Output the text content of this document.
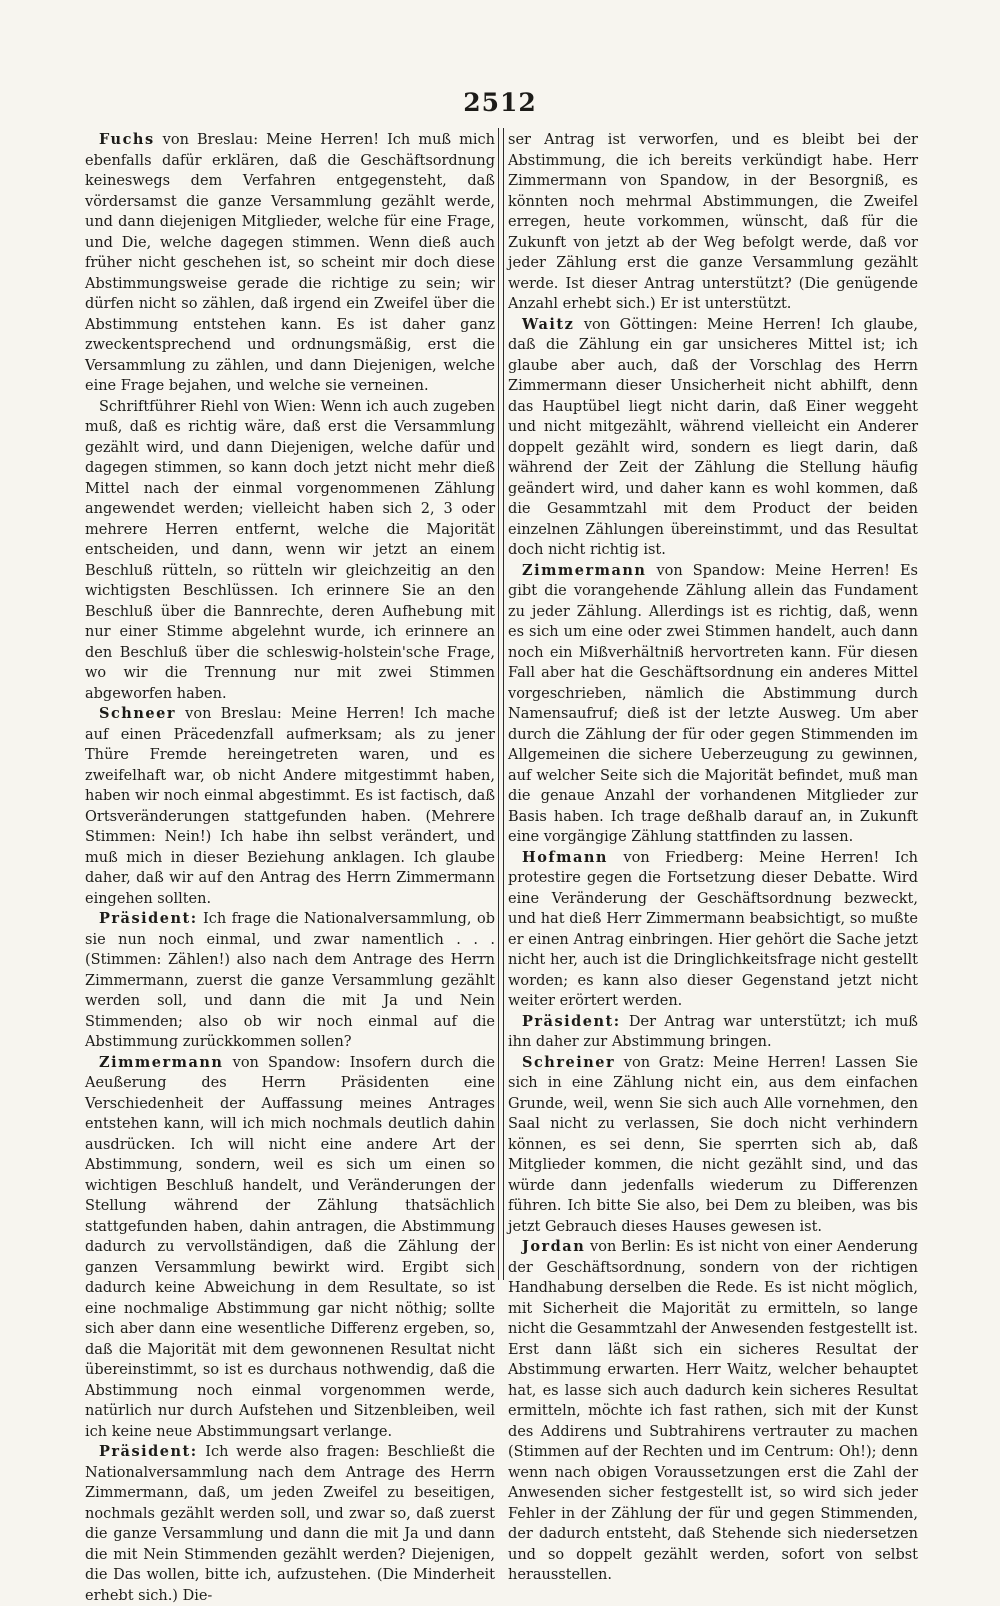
2512

Fuchs von Breslau: Meine Herren! Ich muß mich ebenfalls dafür erklären, daß die Geschäftsordnung keineswegs dem Verfahren entgegensteht, daß vördersamst die ganze Versammlung gezählt werde, und dann diejenigen Mitglieder, welche für eine Frage, und Die, welche dagegen stimmen. Wenn dieß auch früher nicht geschehen ist, so scheint mir doch diese Abstimmungsweise gerade die richtige zu sein; wir dürfen nicht so zählen, daß irgend ein Zweifel über die Abstimmung entstehen kann. Es ist daher ganz zweckentsprechend und ordnungsmäßig, erst die Versammlung zu zählen, und dann Diejenigen, welche eine Frage bejahen, und welche sie verneinen.

Schriftführer Riehl von Wien: Wenn ich auch zugeben muß, daß es richtig wäre, daß erst die Versammlung gezählt wird, und dann Diejenigen, welche dafür und dagegen stimmen, so kann doch jetzt nicht mehr dieß Mittel nach der einmal vorgenommenen Zählung angewendet werden; vielleicht haben sich 2, 3 oder mehrere Herren entfernt, welche die Majorität entscheiden, und dann, wenn wir jetzt an einem Beschluß rütteln, so rütteln wir gleichzeitig an den wichtigsten Beschlüssen. Ich erinnere Sie an den Beschluß über die Bannrechte, deren Aufhebung mit nur einer Stimme abgelehnt wurde, ich erinnere an den Beschluß über die schleswig-holstein'sche Frage, wo wir die Trennung nur mit zwei Stimmen abgeworfen haben.

Schneer von Breslau: Meine Herren! Ich mache auf einen Präcedenzfall aufmerksam; als zu jener Thüre Fremde hereingetreten waren, und es zweifelhaft war, ob nicht Andere mitgestimmt haben, haben wir noch einmal abgestimmt. Es ist factisch, daß Ortsveränderungen stattgefunden haben. (Mehrere Stimmen: Nein!) Ich habe ihn selbst verändert, und muß mich in dieser Beziehung anklagen. Ich glaube daher, daß wir auf den Antrag des Herrn Zimmermann eingehen sollten.

Präsident: Ich frage die Nationalversammlung, ob sie nun noch einmal, und zwar namentlich . . . (Stimmen: Zählen!) also nach dem Antrage des Herrn Zimmermann, zuerst die ganze Versammlung gezählt werden soll, und dann die mit Ja und Nein Stimmenden; also ob wir noch einmal auf die Abstimmung zurückkommen sollen?

Zimmermann von Spandow: Insofern durch die Aeußerung des Herrn Präsidenten eine Verschiedenheit der Auffassung meines Antrages entstehen kann, will ich mich nochmals deutlich dahin ausdrücken. Ich will nicht eine andere Art der Abstimmung, sondern, weil es sich um einen so wichtigen Beschluß handelt, und Veränderungen der Stellung während der Zählung thatsächlich stattgefunden haben, dahin antragen, die Abstimmung dadurch zu vervollständigen, daß die Zählung der ganzen Versammlung bewirkt wird. Ergibt sich dadurch keine Abweichung in dem Resultate, so ist eine nochmalige Abstimmung gar nicht nöthig; sollte sich aber dann eine wesentliche Differenz ergeben, so, daß die Majorität mit dem gewonnenen Resultat nicht übereinstimmt, so ist es durchaus nothwendig, daß die Abstimmung noch einmal vorgenommen werde, natürlich nur durch Aufstehen und Sitzenbleiben, weil ich keine neue Abstimmungsart verlange.

Präsident: Ich werde also fragen: Beschließt die Nationalversammlung nach dem Antrage des Herrn Zimmermann, daß, um jeden Zweifel zu beseitigen, nochmals gezählt werden soll, und zwar so, daß zuerst die ganze Versammlung und dann die mit Ja und dann die mit Nein Stimmenden gezählt werden? Diejenigen, die Das wollen, bitte ich, aufzustehen. (Die Minderheit erhebt sich.) Die-

ser Antrag ist verworfen, und es bleibt bei der Abstimmung, die ich bereits verkündigt habe. Herr Zimmermann von Spandow, in der Besorgniß, es könnten noch mehrmal Abstimmungen, die Zweifel erregen, heute vorkommen, wünscht, daß für die Zukunft von jetzt ab der Weg befolgt werde, daß vor jeder Zählung erst die ganze Versammlung gezählt werde. Ist dieser Antrag unterstützt? (Die genügende Anzahl erhebt sich.) Er ist unterstützt.

Waitz von Göttingen: Meine Herren! Ich glaube, daß die Zählung ein gar unsicheres Mittel ist; ich glaube aber auch, daß der Vorschlag des Herrn Zimmermann dieser Unsicherheit nicht abhilft, denn das Hauptübel liegt nicht darin, daß Einer weggeht und nicht mitgezählt, während vielleicht ein Anderer doppelt gezählt wird, sondern es liegt darin, daß während der Zeit der Zählung die Stellung häufig geändert wird, und daher kann es wohl kommen, daß die Gesammtzahl mit dem Product der beiden einzelnen Zählungen übereinstimmt, und das Resultat doch nicht richtig ist.

Zimmermann von Spandow: Meine Herren! Es gibt die vorangehende Zählung allein das Fundament zu jeder Zählung. Allerdings ist es richtig, daß, wenn es sich um eine oder zwei Stimmen handelt, auch dann noch ein Mißverhältniß hervortreten kann. Für diesen Fall aber hat die Geschäftsordnung ein anderes Mittel vorgeschrieben, nämlich die Abstimmung durch Namensaufruf; dieß ist der letzte Ausweg. Um aber durch die Zählung der für oder gegen Stimmenden im Allgemeinen die sichere Ueberzeugung zu gewinnen, auf welcher Seite sich die Majorität befindet, muß man die genaue Anzahl der vorhandenen Mitglieder zur Basis haben. Ich trage deßhalb darauf an, in Zukunft eine vorgängige Zählung stattfinden zu lassen.

Hofmann von Friedberg: Meine Herren! Ich protestire gegen die Fortsetzung dieser Debatte. Wird eine Veränderung der Geschäftsordnung bezweckt, und hat dieß Herr Zimmermann beabsichtigt, so mußte er einen Antrag einbringen. Hier gehört die Sache jetzt nicht her, auch ist die Dringlichkeitsfrage nicht gestellt worden; es kann also dieser Gegenstand jetzt nicht weiter erörtert werden.

Präsident: Der Antrag war unterstützt; ich muß ihn daher zur Abstimmung bringen.

Schreiner von Gratz: Meine Herren! Lassen Sie sich in eine Zählung nicht ein, aus dem einfachen Grunde, weil, wenn Sie sich auch Alle vornehmen, den Saal nicht zu verlassen, Sie doch nicht verhindern können, es sei denn, Sie sperrten sich ab, daß Mitglieder kommen, die nicht gezählt sind, und das würde dann jedenfalls wiederum zu Differenzen führen. Ich bitte Sie also, bei Dem zu bleiben, was bis jetzt Gebrauch dieses Hauses gewesen ist.

Jordan von Berlin: Es ist nicht von einer Aenderung der Geschäftsordnung, sondern von der richtigen Handhabung derselben die Rede. Es ist nicht möglich, mit Sicherheit die Majorität zu ermitteln, so lange nicht die Gesammtzahl der Anwesenden festgestellt ist. Erst dann läßt sich ein sicheres Resultat der Abstimmung erwarten. Herr Waitz, welcher behauptet hat, es lasse sich auch dadurch kein sicheres Resultat ermitteln, möchte ich fast rathen, sich mit der Kunst des Addirens und Subtrahirens vertrauter zu machen (Stimmen auf der Rechten und im Centrum: Oh!); denn wenn nach obigen Voraussetzungen erst die Zahl der Anwesenden sicher festgestellt ist, so wird sich jeder Fehler in der Zählung der für und gegen Stimmenden, der dadurch entsteht, daß Stehende sich niedersetzen und so doppelt gezählt werden, sofort von selbst herausstellen.
